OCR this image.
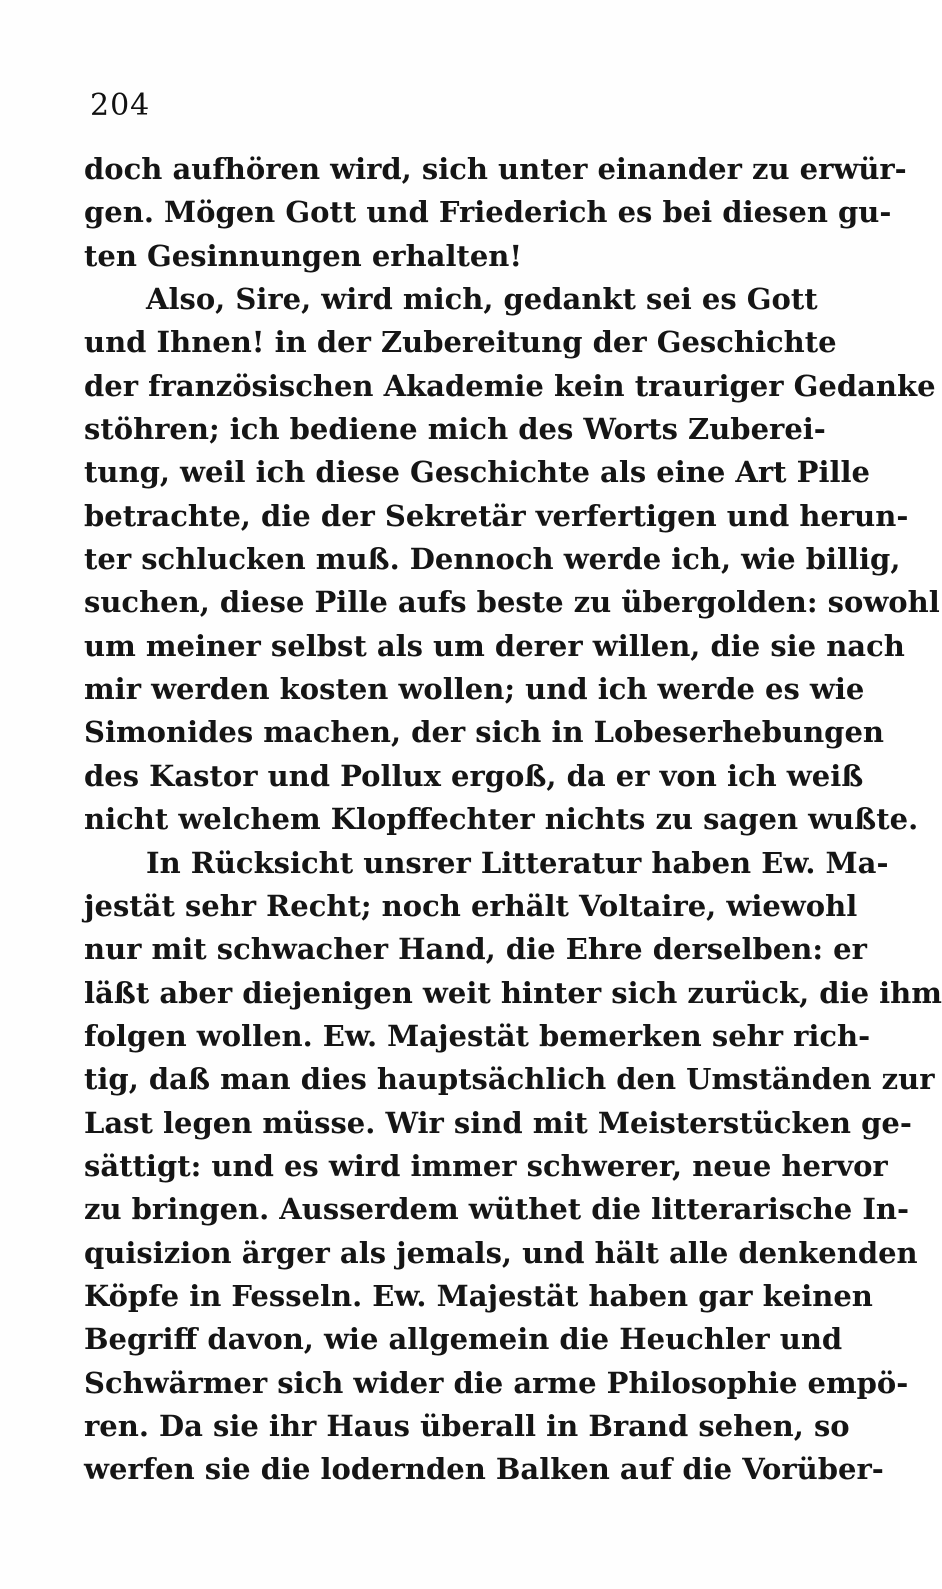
204
doch aufhören wird, sich unter einander zu erwür-
gen. Mögen Gott und Friederich es bei diesen gu-
ten Gesinnungen erhalten!
Also, Sire, wird mich, gedankt sei es Gott
und Ihnen! in der Zubereitung der Geschichte
der französischen Akademie kein trauriger Gedanke
stöhren; ich bediene mich des Worts Zuberei-
tung, weil ich diese Geschichte als eine Art Pille
betrachte, die der Sekretär verfertigen und herun-
ter schlucken muß. Dennoch werde ich, wie billig,
suchen, diese Pille aufs beste zu übergolden: sowohl
um meiner selbst als um derer willen, die sie nach
mir werden kosten wollen; und ich werde es wie
Simonides machen, der sich in Lobeserhebungen
des Kastor und Pollux ergoß, da er von ich weiß
nicht welchem Klopffechter nichts zu sagen wußte.
In Rücksicht unsrer Litteratur haben Ew. Ma-
jestät sehr Recht; noch erhält Voltaire, wiewohl
nur mit schwacher Hand, die Ehre derselben: er
läßt aber diejenigen weit hinter sich zurück, die ihm
folgen wollen. Ew. Majestät bemerken sehr rich-
tig, daß man dies hauptsächlich den Umständen zur
Last legen müsse. Wir sind mit Meisterstücken ge-
sättigt: und es wird immer schwerer, neue hervor
zu bringen. Ausserdem wüthet die litterarische In-
quisizion ärger als jemals, und hält alle denkenden
Köpfe in Fesseln. Ew. Majestät haben gar keinen
Begriff davon, wie allgemein die Heuchler und
Schwärmer sich wider die arme Philosophie empö-
ren. Da sie ihr Haus überall in Brand sehen, so
werfen sie die lodernden Balken auf die Vorüber-
